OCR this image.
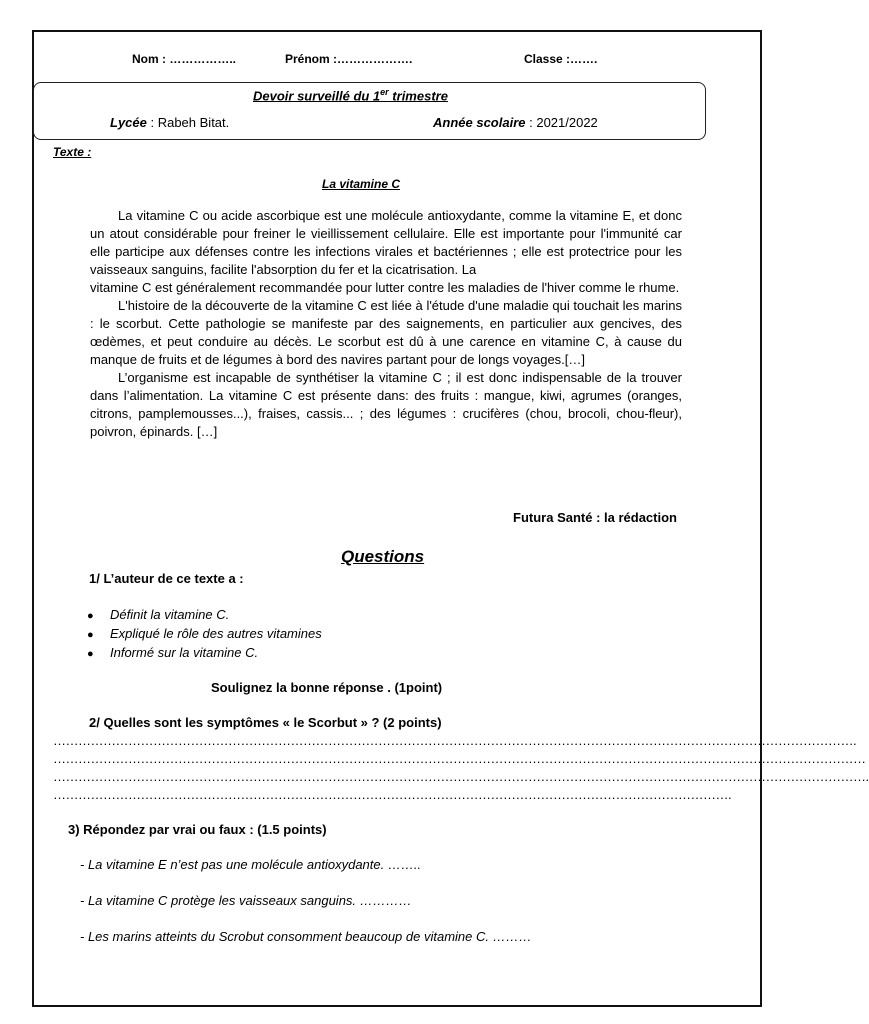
Nom : ……………..	Prénom :……………….	Classe :…….
Devoir surveillé du 1er trimestre
Lycée : Rabeh Bitat.	Année scolaire : 2021/2022
Texte :
La vitamine C

La vitamine C ou acide ascorbique est une molécule antioxydante, comme la vitamine E, et donc un atout considérable pour freiner le vieillissement cellulaire. Elle est importante pour l'immunité car elle participe aux défenses contre les infections virales et bactériennes ; elle est protectrice pour les vaisseaux sanguins, facilite l'absorption du fer et la cicatrisation. La

vitamine C est généralement recommandée pour lutter contre les maladies de l'hiver comme le rhume.

L'histoire de la découverte de la vitamine C est liée à l'étude d'une maladie qui touchait les marins : le scorbut. Cette pathologie se manifeste par des saignements, en particulier aux gencives, des œdèmes, et peut conduire au décès. Le scorbut est dû à une carence en vitamine C, à cause du manque de fruits et de légumes à bord des navires partant pour de longs voyages.[…]

L’organisme est incapable de synthétiser la vitamine C ; il est donc indispensable de la trouver dans l’alimentation. La vitamine C est présente dans: des fruits : mangue, kiwi, agrumes (oranges, citrons, pamplemousses...), fraises, cassis... ; des légumes : crucifères (chou, brocoli, chou-fleur), poivron, épinards. […]

Futura Santé : la rédaction
Questions
1/ L’auteur de ce texte a :
● Définit la vitamine C.
● Expliqué le rôle des autres vitamines
● Informé sur la vitamine C.
Soulignez la bonne réponse . (1point)
2/ Quelles sont les symptômes « le Scorbut » ? (2 points)
………………………………………………………………………………………………………………………………………………………………………….
……………………………………………………………………………………………………………………………………………………………………………
…………………………………………………………………………………………………………………………………………………………………………….
……………………………………………………………………………………………………………………………………………….
3) Répondez par vrai ou faux : (1.5 points)
- La vitamine E n’est pas une molécule antioxydante. ……..
- La vitamine C protège les vaisseaux sanguins. …………
- Les marins atteints du Scrobut consomment beaucoup de vitamine C. ………
